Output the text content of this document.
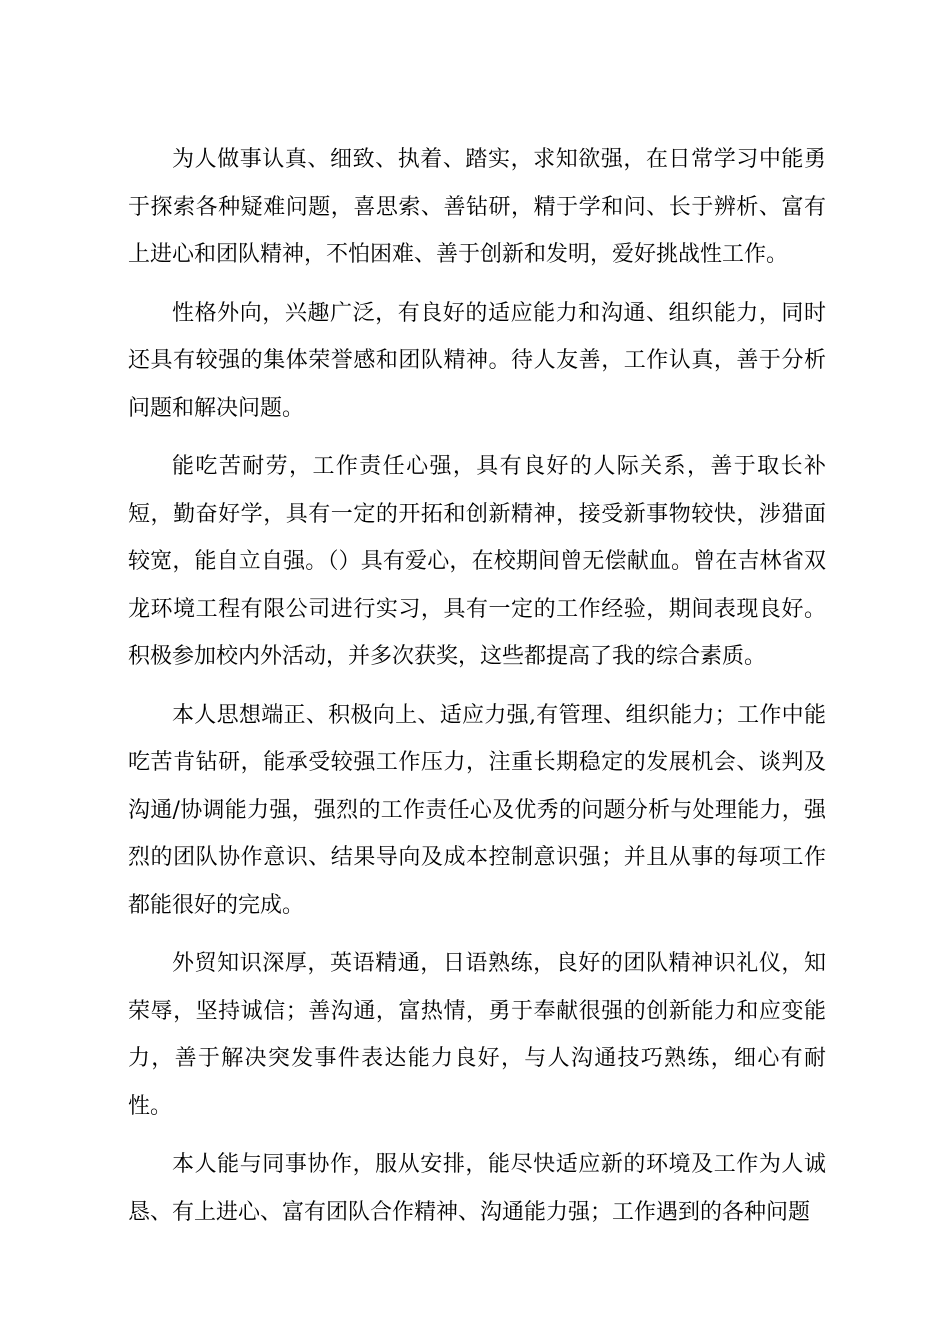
为人做事认真、细致、执着、踏实，求知欲强，在日常学习中能勇于探索各种疑难问题，喜思索、善钻研，精于学和问、长于辨析、富有上进心和团队精神，不怕困难、善于创新和发明，爱好挑战性工作。

性格外向，兴趣广泛，有良好的适应能力和沟通、组织能力，同时还具有较强的集体荣誉感和团队精神。待人友善，工作认真，善于分析问题和解决问题。

能吃苦耐劳，工作责任心强，具有良好的人际关系，善于取长补短，勤奋好学，具有一定的开拓和创新精神，接受新事物较快，涉猎面较宽，能自立自强。（）具有爱心，在校期间曾无偿献血。曾在吉林省双龙环境工程有限公司进行实习，具有一定的工作经验，期间表现良好。积极参加校内外活动，并多次获奖，这些都提高了我的综合素质。

本人思想端正、积极向上、适应力强,有管理、组织能力；工作中能吃苦肯钻研，能承受较强工作压力，注重长期稳定的发展机会、谈判及沟通/协调能力强，强烈的工作责任心及优秀的问题分析与处理能力，强烈的团队协作意识、结果导向及成本控制意识强；并且从事的每项工作都能很好的完成。

外贸知识深厚，英语精通，日语熟练，良好的团队精神识礼仪，知荣辱，坚持诚信；善沟通，富热情，勇于奉献很强的创新能力和应变能力，善于解决突发事件表达能力良好，与人沟通技巧熟练，细心有耐性。

本人能与同事协作，服从安排，能尽快适应新的环境及工作为人诚恳、有上进心、富有团队合作精神、沟通能力强；工作遇到的各种问题
